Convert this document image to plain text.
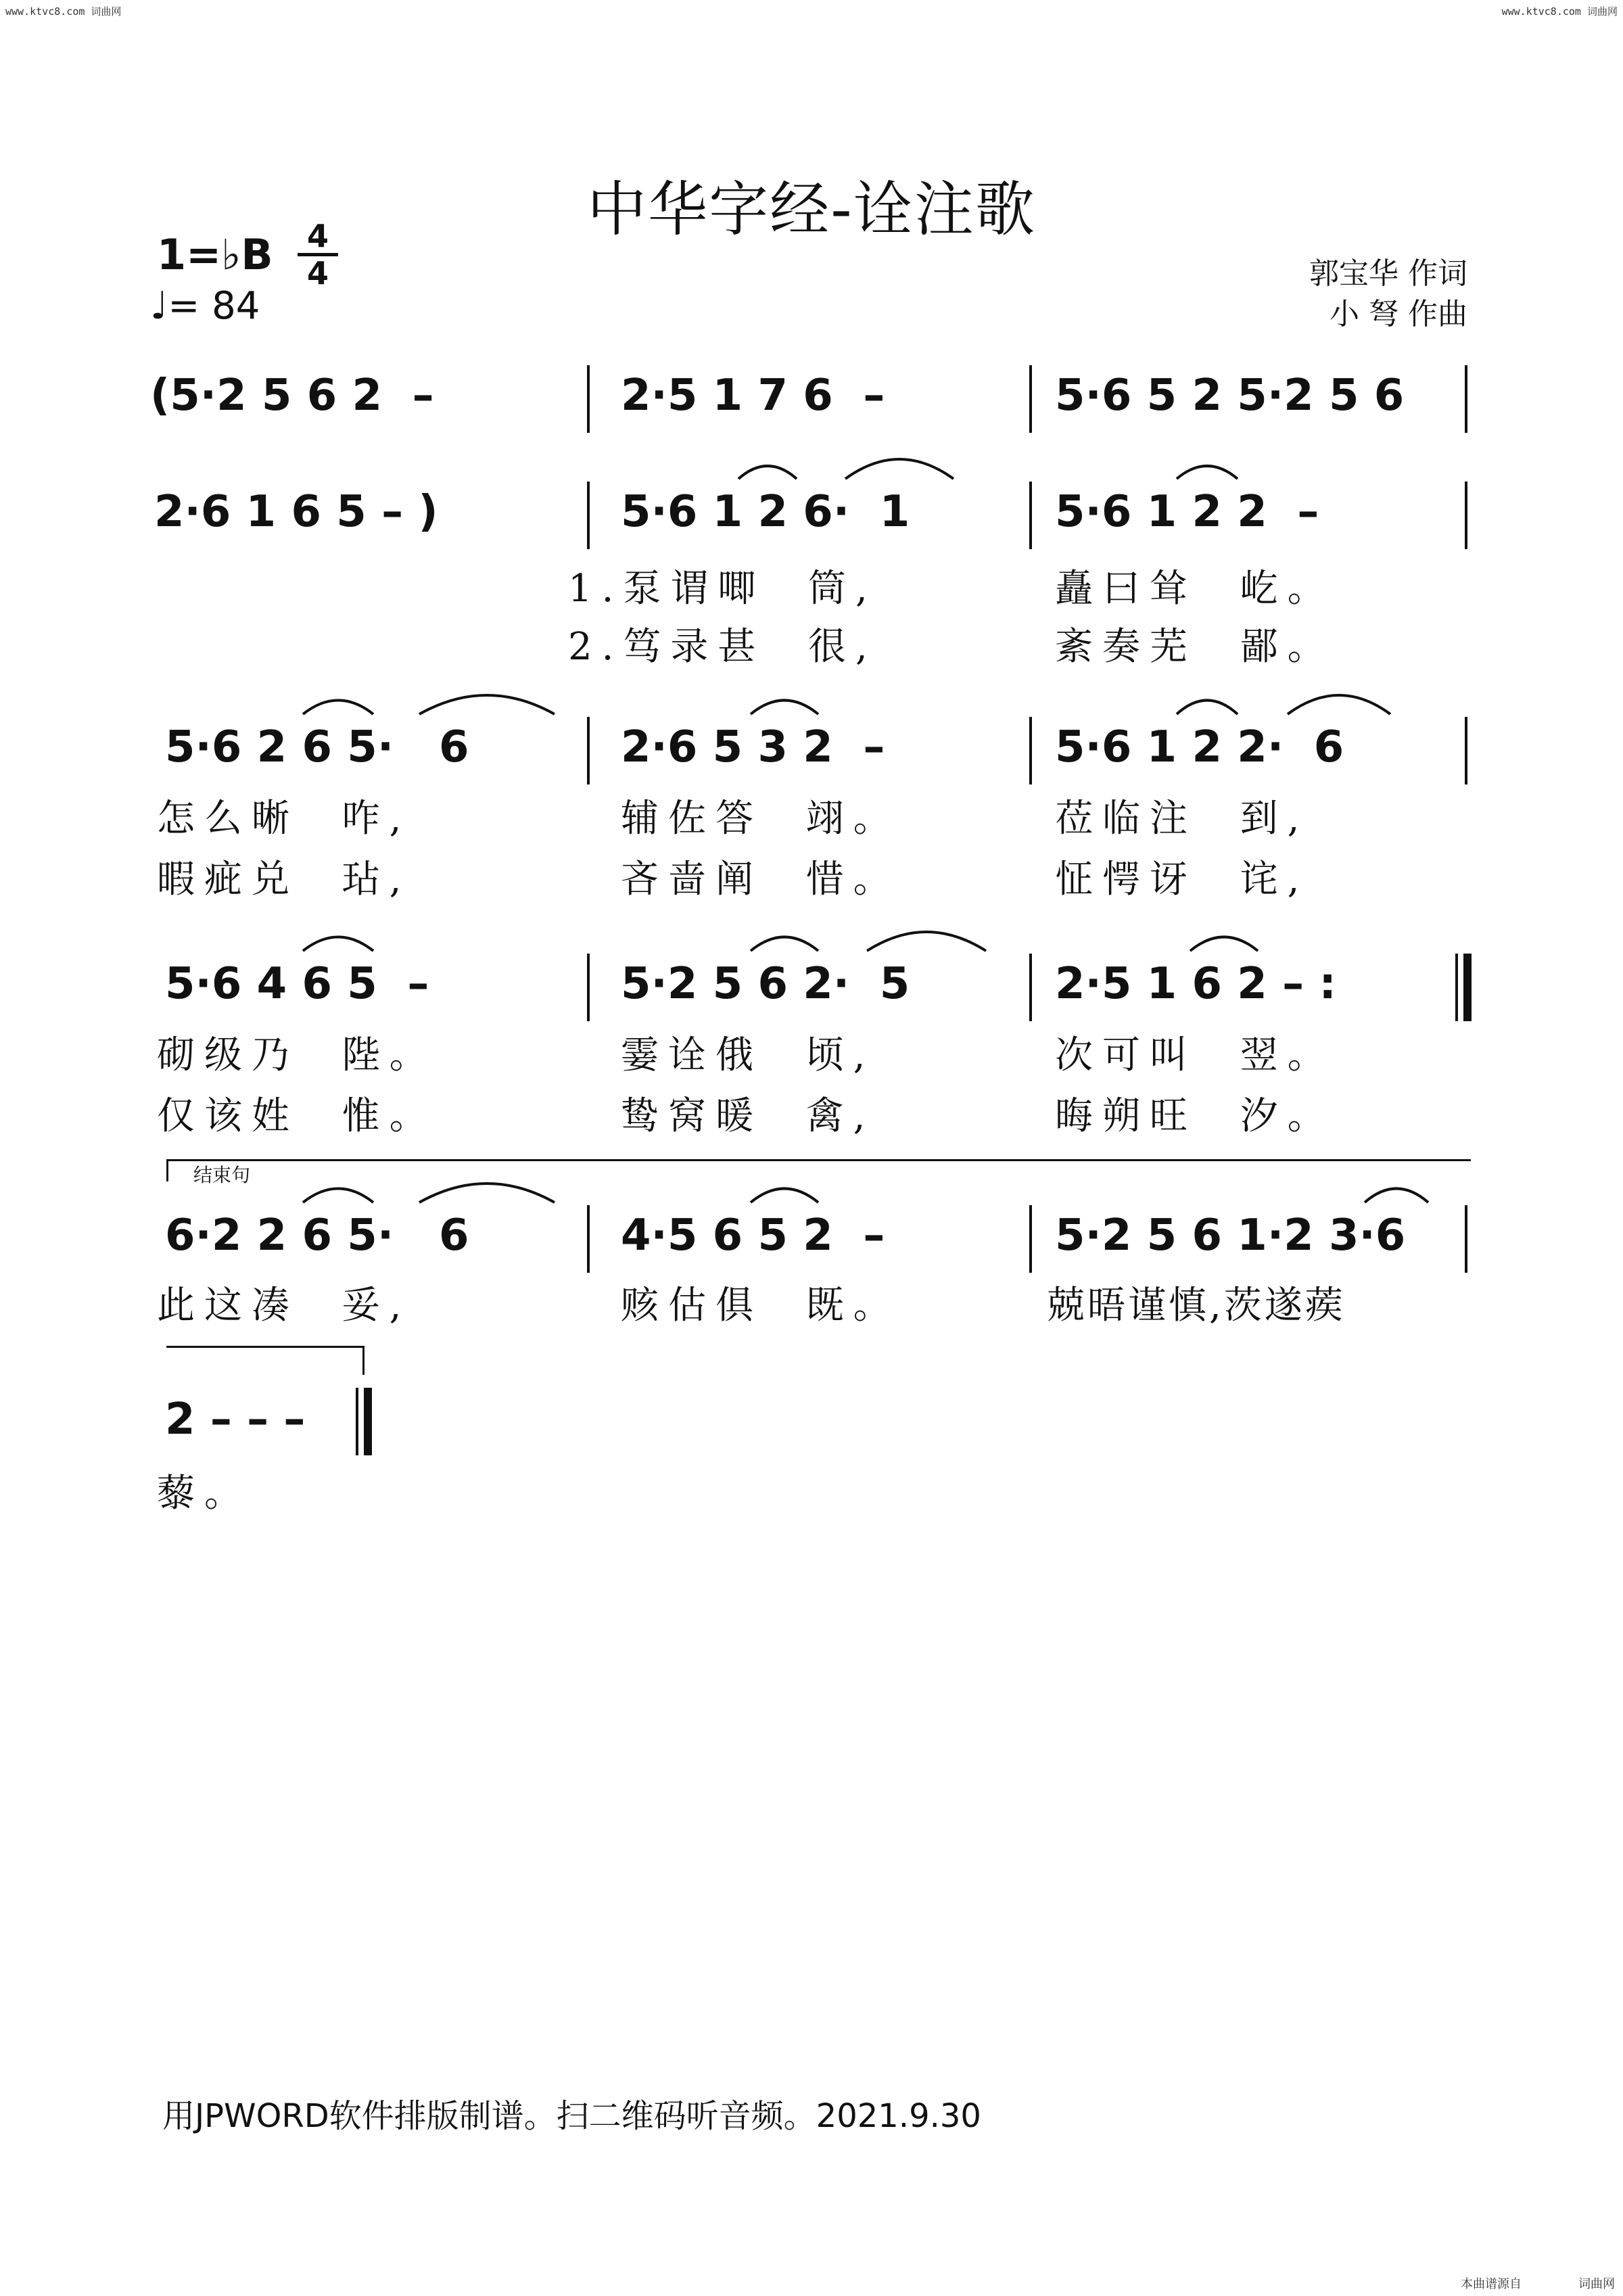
www.ktvc8.com 词曲网	www.ktvc8.com 词曲网
中华字经-诠注歌
1=♭B	4
4
♩= 84
郭宝华 作词
小 弩 作曲
(5·2 5 6 2  –	2·5 1 7 6  –	5·6 5 2 5·2 5 6
2·6 1 6 5 – )	5·6 1 2 6·  1	5·6 1 2 2  –
1.泵谓唧  筒,	矗曰耸  屹。
2.笃录甚  很,	紊奏芜  鄙。
5·6 2 6 5·   6	2·6 5 3 2  –	5·6 1 2 2·  6
怎么晰  咋,	辅佐答  翊。	莅临注  到,
暇疵兑  玷,	吝啬阐  惜。	怔愕讶  诧,
5·6 4 6 5  –	5·2 5 6 2·  5	2·5 1 6 2 – :
砌级乃  陛。	霎诠俄  顷,	次可叫  翌。
仅该姓  惟。	鸷窝暖  禽,	晦朔旺  汐。
结束句
6·2 2 6 5·   6	4·5 6 5 2  –	5·2 5 6 1·2 3·6
此这凑  妥,	赅估俱  既。	兢晤谨慎,茨遂蒺
2 – – –
藜。
用JPWORD软件排版制谱。扫二维码听音频。2021.9.30
本曲谱源自	词曲网
